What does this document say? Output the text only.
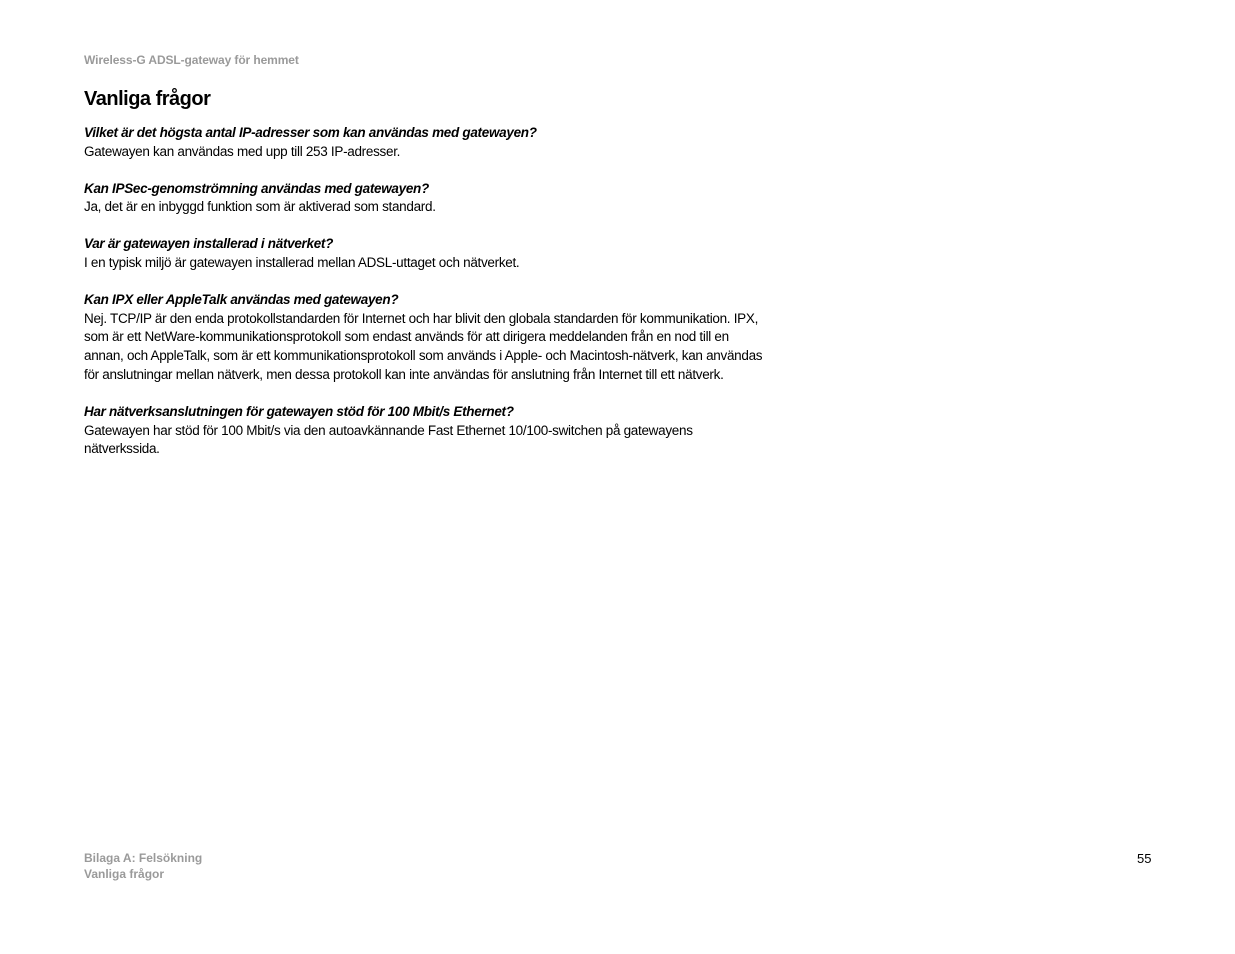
Wireless-G ADSL-gateway för hemmet
Vanliga frågor
Vilket är det högsta antal IP-adresser som kan användas med gatewayen?
Gatewayen kan användas med upp till 253 IP-adresser.
Kan IPSec-genomströmning användas med gatewayen?
Ja, det är en inbyggd funktion som är aktiverad som standard.
Var är gatewayen installerad i nätverket?
I en typisk miljö är gatewayen installerad mellan ADSL-uttaget och nätverket.
Kan IPX eller AppleTalk användas med gatewayen?
Nej. TCP/IP är den enda protokollstandarden för Internet och har blivit den globala standarden för kommunikation. IPX, som är ett NetWare-kommunikationsprotokoll som endast används för att dirigera meddelanden från en nod till en annan, och AppleTalk, som är ett kommunikationsprotokoll som används i Apple- och Macintosh-nätverk, kan användas för anslutningar mellan nätverk, men dessa protokoll kan inte användas för anslutning från Internet till ett nätverk.
Har nätverksanslutningen för gatewayen stöd för 100 Mbit/s Ethernet?
Gatewayen har stöd för 100 Mbit/s via den autoavkännande Fast Ethernet 10/100-switchen på gatewayens nätverkssida.
Bilaga A: Felsökning
Vanliga frågor
55
